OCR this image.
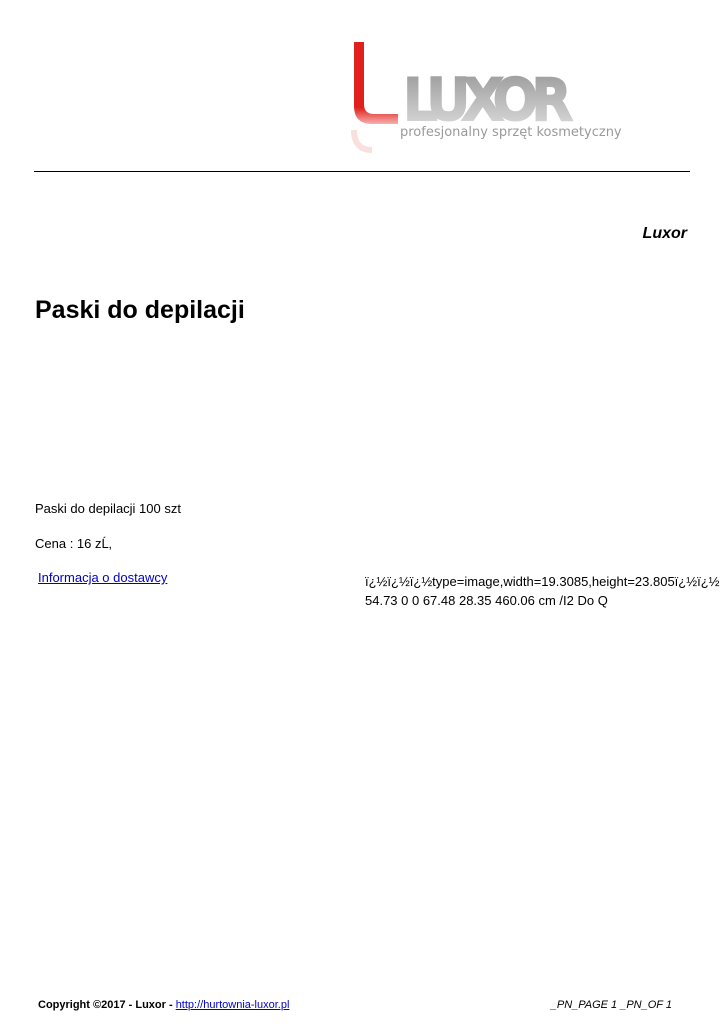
LUXOR
profesjonalny sprzęt kosmetyczny
Luxor
Paski do depilacji
Paski do depilacji 100 szt
Cena : 16 zĹ‚
Informacja o dostawcy	ï¿½ï¿½ï¿½type=image,width=19.3085,height=23.805ï¿½ï¿½
54.73 0 0 67.48 28.35 460.06 cm /I2 Do Q
Copyright ©2017 - Luxor - http://hurtownia-luxor.pl	_PN_PAGE 1 _PN_OF 1
